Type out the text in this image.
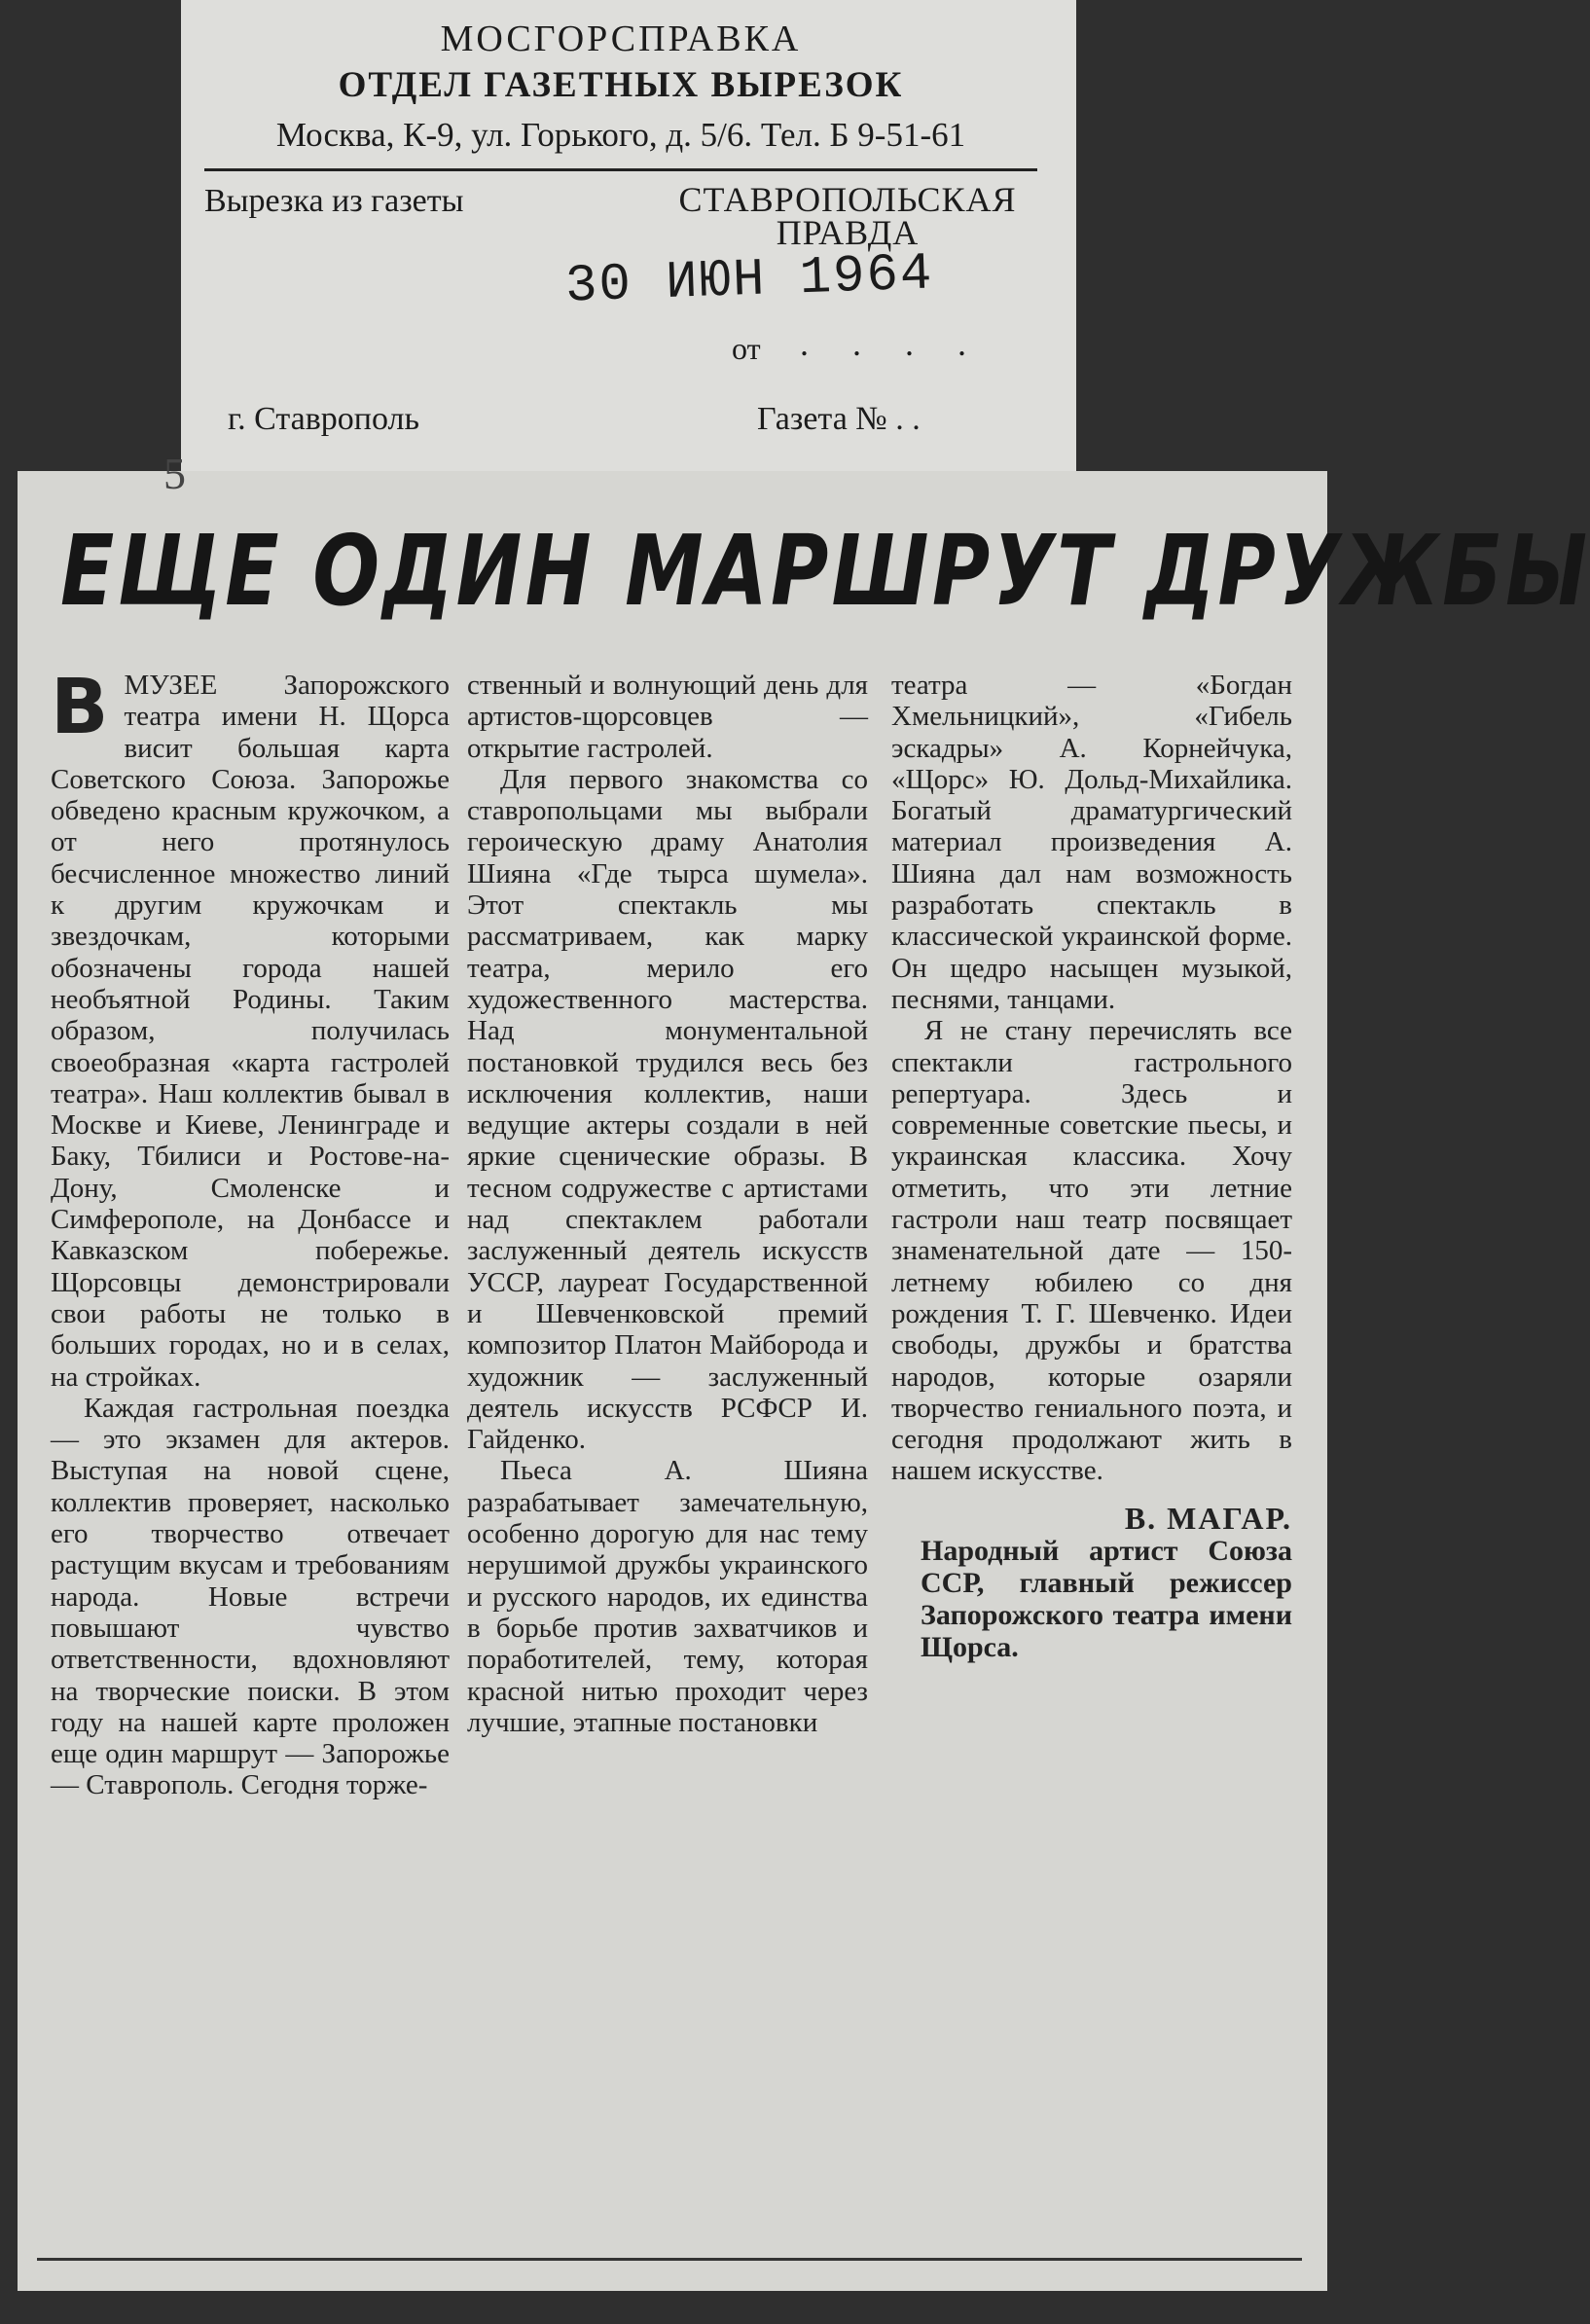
МОСГОРСПРАВКА
ОТДЕЛ ГАЗЕТНЫХ ВЫРЕЗОК
Москва, К-9, ул. Горького, д. 5/6. Тел. Б 9-51-61
Вырезка из газеты	СТАВРОПОЛЬСКАЯ
ПРАВДА
30 ИЮН 1964
от . . . .
г. Ставрополь	Газета № . .
5
ЕЩЕ ОДИН МАРШРУТ ДРУЖБЫ
В МУЗЕЕ Запорожского театра имени Н. Щорса висит большая карта Советского Союза. Запорожье обведено красным кружочком, а от него протянулось бесчисленное множество линий к другим кружочкам и звездочкам, которыми обозначены города нашей необъятной Родины. Таким образом, получилась своеобразная «карта гастролей театра». Наш коллектив бывал в Москве и Киеве, Ленинграде и Баку, Тбилиси и Ростове-на-Дону, Смоленске и Симферополе, на Донбассе и Кавказском побережье. Щорсовцы демонстрировали свои работы не только в больших городах, но и в селах, на стройках.

Каждая гастрольная поездка — это экзамен для актеров. Выступая на новой сцене, коллектив проверяет, насколько его творчество отвечает растущим вкусам и требованиям народа. Новые встречи повышают чувство ответственности, вдохновляют на творческие поиски. В этом году на нашей карте проложен еще один маршрут — Запорожье — Ставрополь. Сегодня торже-

ственный и волнующий день для артистов-щорсовцев — открытие гастролей.

Для первого знакомства со ставропольцами мы выбрали героическую драму Анатолия Шияна «Где тырса шумела». Этот спектакль мы рассматриваем, как марку театра, мерило его художественного мастерства. Над монументальной постановкой трудился весь без исключения коллектив, наши ведущие актеры создали в ней яркие сценические образы. В тесном содружестве с артистами над спектаклем работали заслуженный деятель искусств УССР, лауреат Государственной и Шевченковской премий композитор Платон Майборода и художник — заслуженный деятель искусств РСФСР И. Гайденко.

Пьеса А. Шияна разрабатывает замечательную, особенно дорогую для нас тему нерушимой дружбы украинского и русского народов, их единства в борьбе против захватчиков и поработителей, тему, которая красной нитью проходит через лучшие, этапные постановки

театра — «Богдан Хмельницкий», «Гибель эскадры» А. Корнейчука, «Щорс» Ю. Дольд-Михайлика. Богатый драматургический материал произведения А. Шияна дал нам возможность разработать спектакль в классической украинской форме. Он щедро насыщен музыкой, песнями, танцами.

Я не стану перечислять все спектакли гастрольного репертуара. Здесь и современные советские пьесы, и украинская классика. Хочу отметить, что эти летние гастроли наш театр посвящает знаменательной дате — 150-летнему юбилею со дня рождения Т. Г. Шевченко. Идеи свободы, дружбы и братства народов, которые озаряли творчество гениального поэта, и сегодня продолжают жить в нашем искусстве.

В. МАГАР.
Народный артист Союза ССР, главный режиссер Запорожского театра имени Щорса.
